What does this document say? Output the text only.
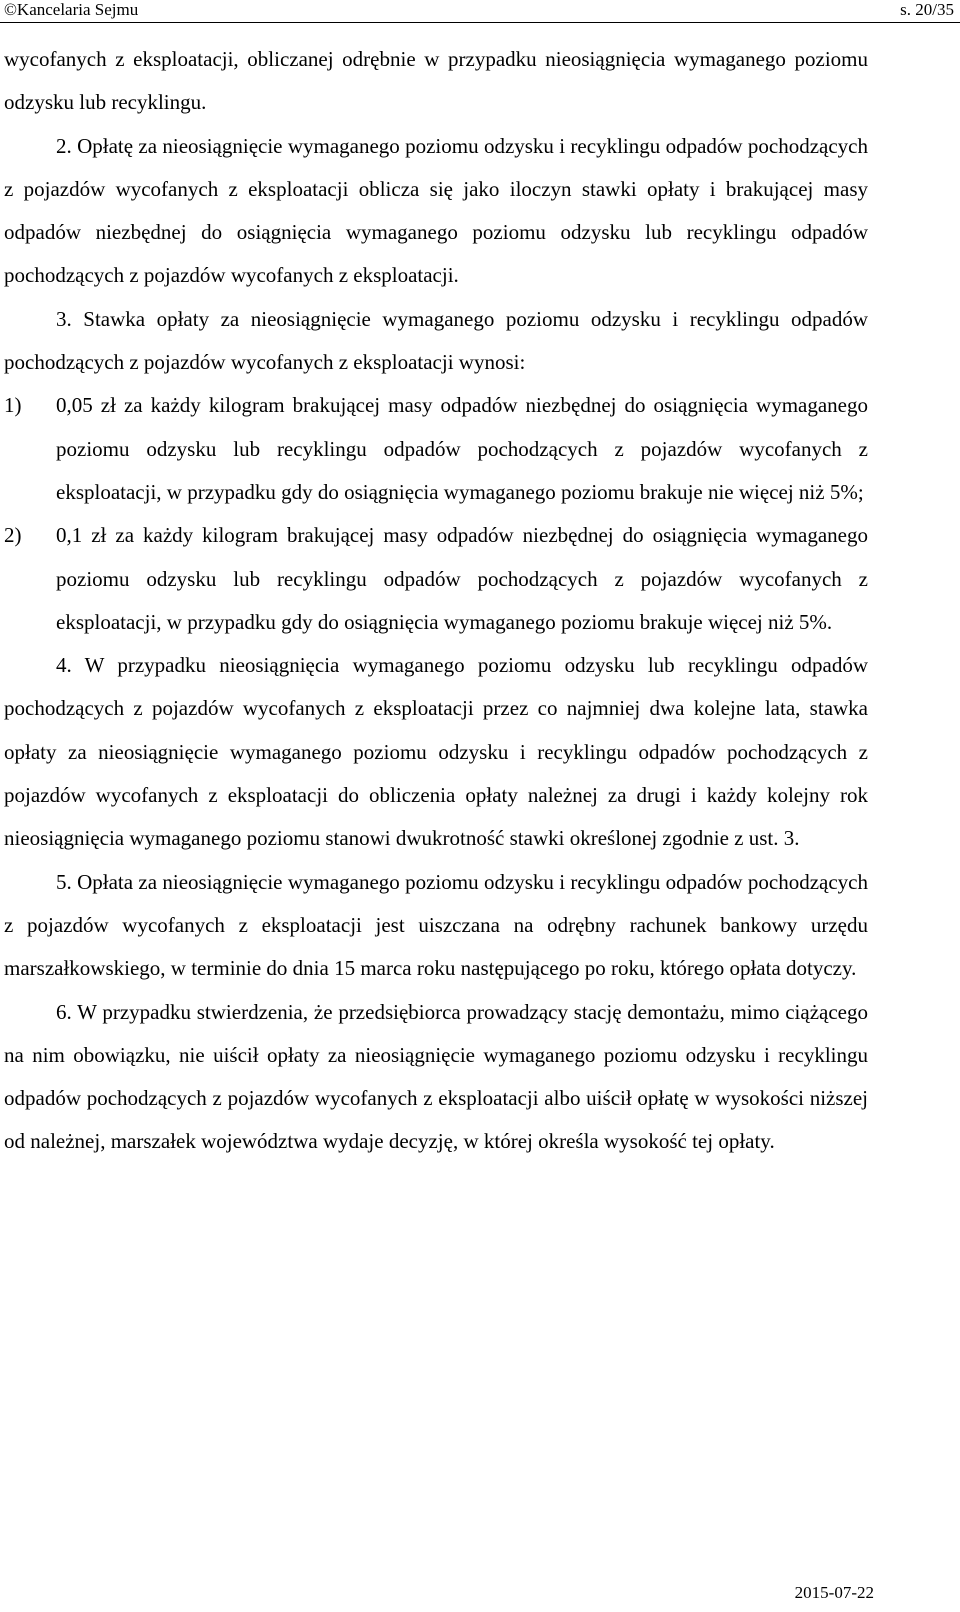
©Kancelaria Sejmu	s. 20/35

wycofanych z eksploatacji, obliczanej odrębnie w przypadku nieosiągnięcia wymaganego poziomu odzysku lub recyklingu.

2. Opłatę za nieosiągnięcie wymaganego poziomu odzysku i recyklingu odpadów pochodzących z pojazdów wycofanych z eksploatacji oblicza się jako iloczyn stawki opłaty i brakującej masy odpadów niezbędnej do osiągnięcia wymaganego poziomu odzysku lub recyklingu odpadów pochodzących z pojazdów wycofanych z eksploatacji.

3. Stawka opłaty za nieosiągnięcie wymaganego poziomu odzysku i recyklingu odpadów pochodzących z pojazdów wycofanych z eksploatacji wynosi:

1) 0,05 zł za każdy kilogram brakującej masy odpadów niezbędnej do osiągnięcia wymaganego poziomu odzysku lub recyklingu odpadów pochodzących z pojazdów wycofanych z eksploatacji, w przypadku gdy do osiągnięcia wymaganego poziomu brakuje nie więcej niż 5%;
2) 0,1 zł za każdy kilogram brakującej masy odpadów niezbędnej do osiągnięcia wymaganego poziomu odzysku lub recyklingu odpadów pochodzących z pojazdów wycofanych z eksploatacji, w przypadku gdy do osiągnięcia wymaganego poziomu brakuje więcej niż 5%.

4. W przypadku nieosiągnięcia wymaganego poziomu odzysku lub recyklingu odpadów pochodzących z pojazdów wycofanych z eksploatacji przez co najmniej dwa kolejne lata, stawka opłaty za nieosiągnięcie wymaganego poziomu odzysku i recyklingu odpadów pochodzących z pojazdów wycofanych z eksploatacji do obliczenia opłaty należnej za drugi i każdy kolejny rok nieosiągnięcia wymaganego poziomu stanowi dwukrotność stawki określonej zgodnie z ust. 3.

5. Opłata za nieosiągnięcie wymaganego poziomu odzysku i recyklingu odpadów pochodzących z pojazdów wycofanych z eksploatacji jest uiszczana na odrębny rachunek bankowy urzędu marszałkowskiego, w terminie do dnia 15 marca roku następującego po roku, którego opłata dotyczy.

6. W przypadku stwierdzenia, że przedsiębiorca prowadzący stację demontażu, mimo ciążącego na nim obowiązku, nie uiścił opłaty za nieosiągnięcie wymaganego poziomu odzysku i recyklingu odpadów pochodzących z pojazdów wycofanych z eksploatacji albo uiścił opłatę w wysokości niższej od należnej, marszałek województwa wydaje decyzję, w której określa wysokość tej opłaty.

2015-07-22
